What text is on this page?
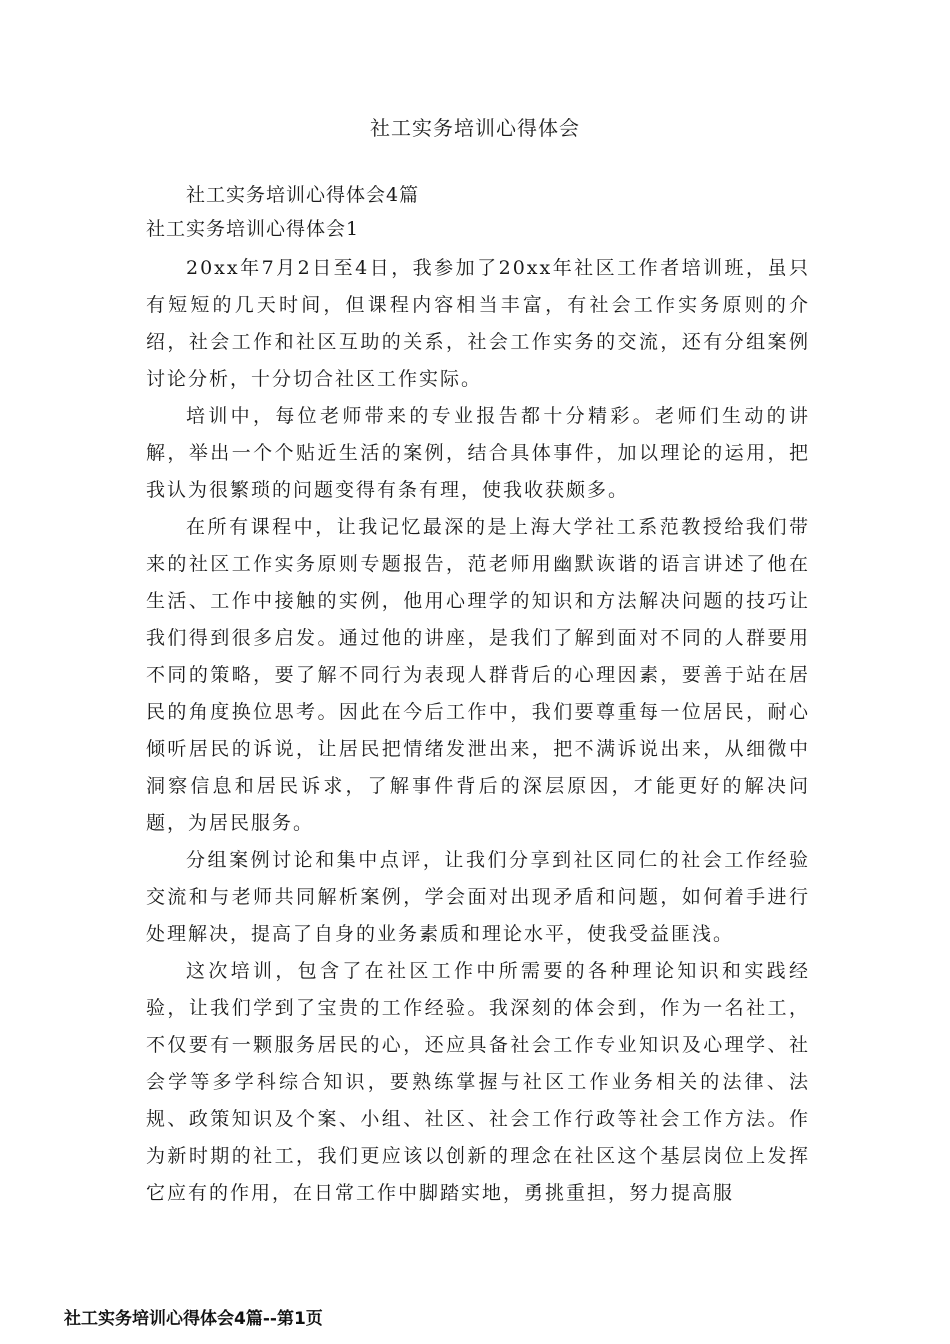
社工实务培训心得体会

社工实务培训心得体会4篇

社工实务培训心得体会1

20xx年7月2日至4日，我参加了20xx年社区工作者培训班，虽只有短短的几天时间，但课程内容相当丰富，有社会工作实务原则的介绍，社会工作和社区互助的关系，社会工作实务的交流，还有分组案例讨论分析，十分切合社区工作实际。

培训中，每位老师带来的专业报告都十分精彩。老师们生动的讲解，举出一个个贴近生活的案例，结合具体事件，加以理论的运用，把我认为很繁琐的问题变得有条有理，使我收获颇多。

在所有课程中，让我记忆最深的是上海大学社工系范教授给我们带来的社区工作实务原则专题报告，范老师用幽默诙谐的语言讲述了他在生活、工作中接触的实例，他用心理学的知识和方法解决问题的技巧让我们得到很多启发。通过他的讲座，是我们了解到面对不同的人群要用不同的策略，要了解不同行为表现人群背后的心理因素，要善于站在居民的角度换位思考。因此在今后工作中，我们要尊重每一位居民，耐心倾听居民的诉说，让居民把情绪发泄出来，把不满诉说出来，从细微中洞察信息和居民诉求，了解事件背后的深层原因，才能更好的解决问题，为居民服务。

分组案例讨论和集中点评，让我们分享到社区同仁的社会工作经验交流和与老师共同解析案例，学会面对出现矛盾和问题，如何着手进行处理解决，提高了自身的业务素质和理论水平，使我受益匪浅。

这次培训，包含了在社区工作中所需要的各种理论知识和实践经验，让我们学到了宝贵的工作经验。我深刻的体会到，作为一名社工，不仅要有一颗服务居民的心，还应具备社会工作专业知识及心理学、社会学等多学科综合知识，要熟练掌握与社区工作业务相关的法律、法规、政策知识及个案、小组、社区、社会工作行政等社会工作方法。作为新时期的社工，我们更应该以创新的理念在社区这个基层岗位上发挥它应有的作用，在日常工作中脚踏实地，勇挑重担，努力提高服

社工实务培训心得体会4篇--第1页
